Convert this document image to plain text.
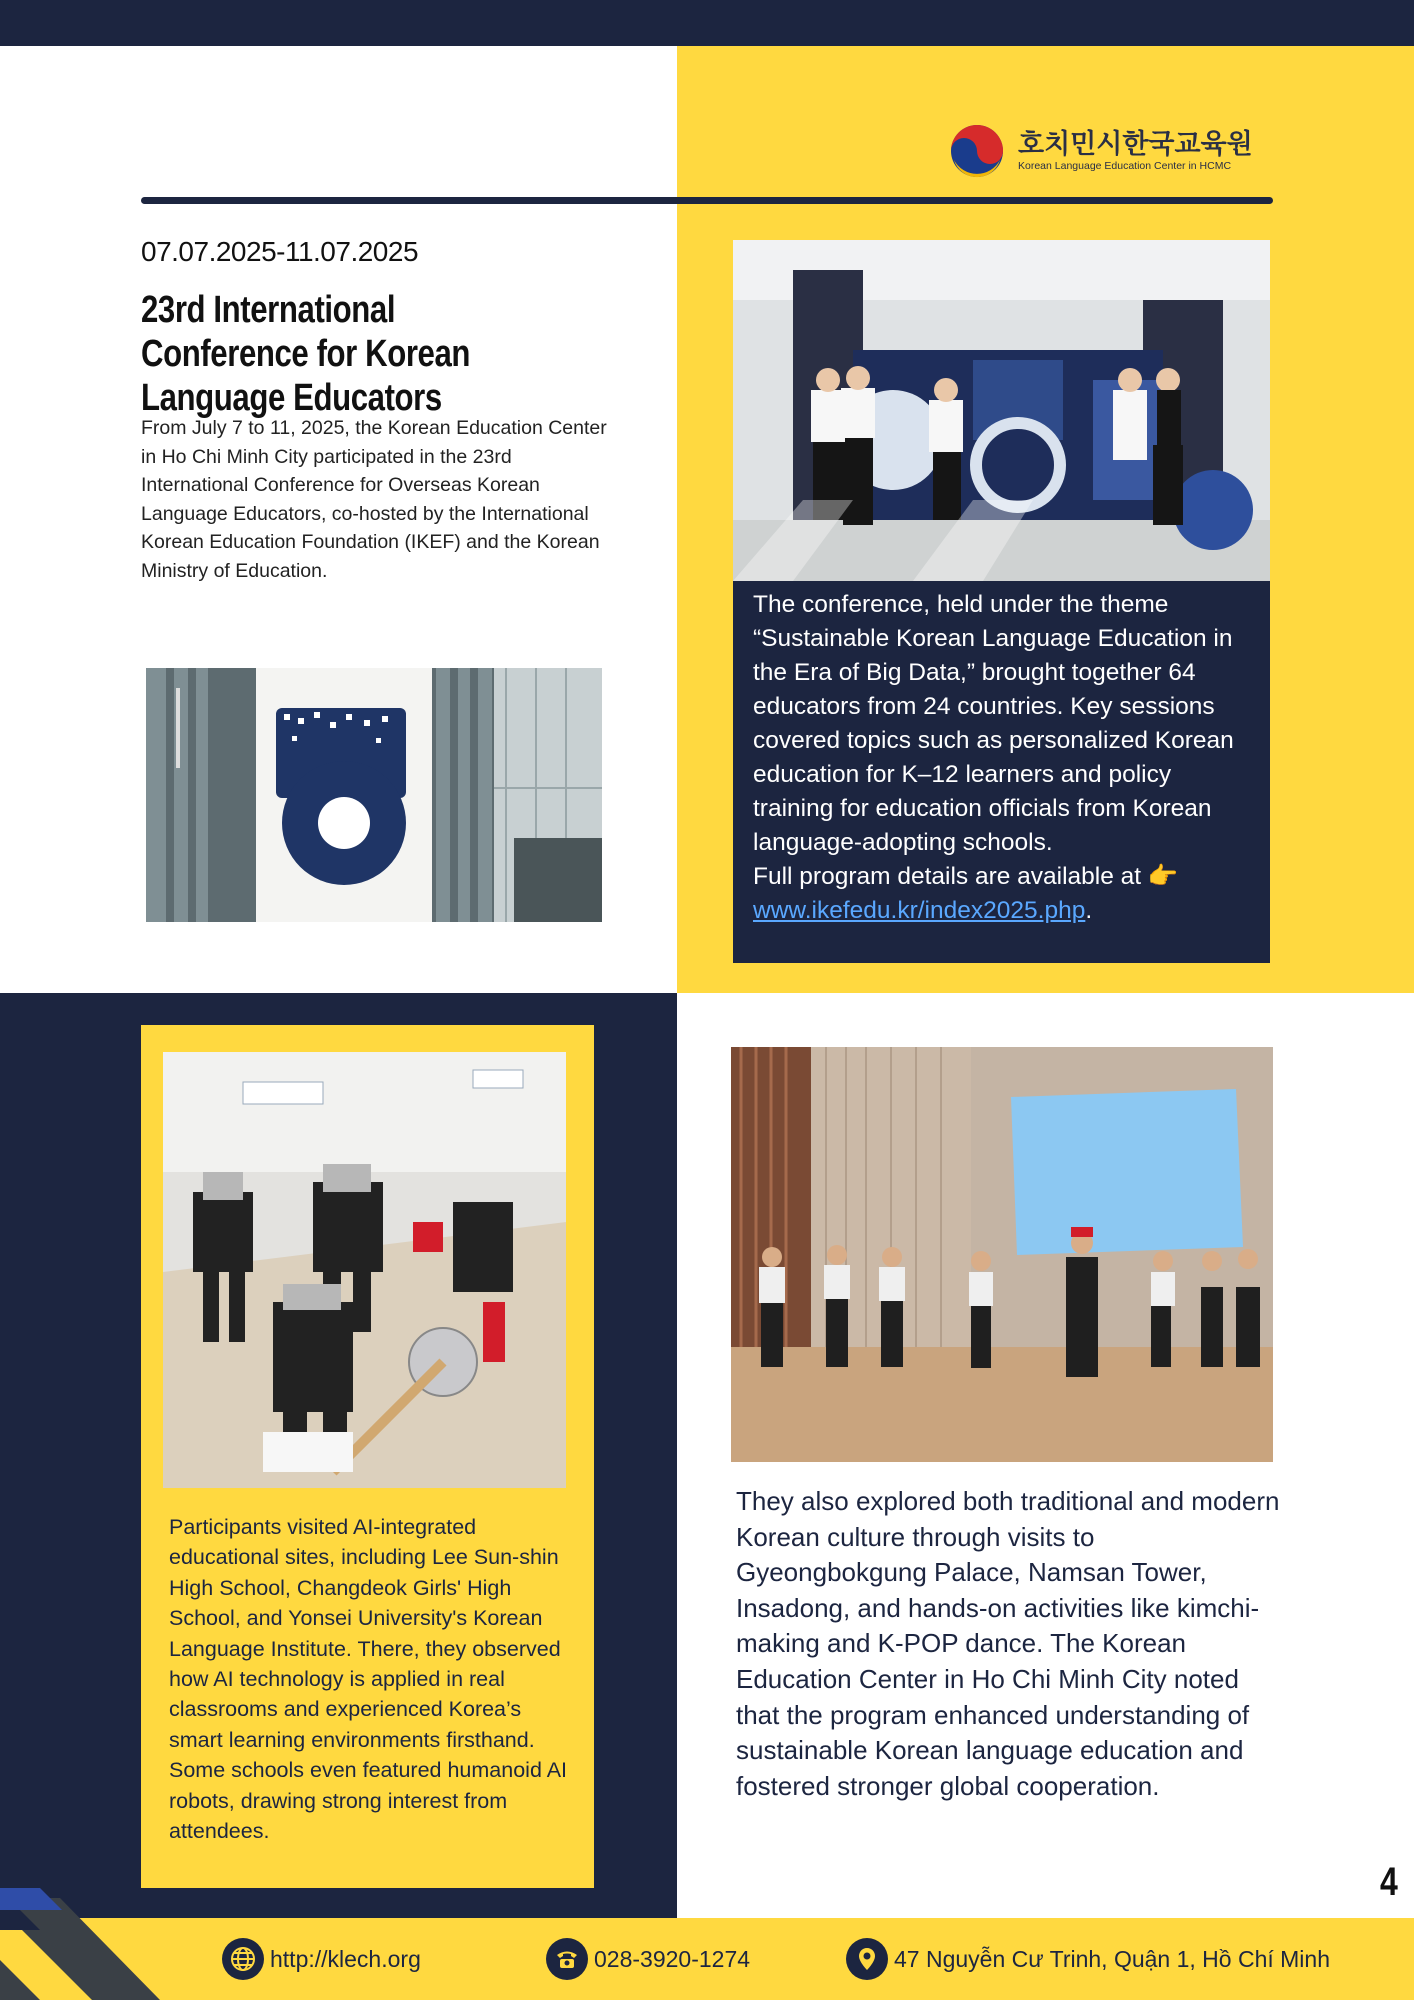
호치민시한국교육원
Korean Language Education Center in HCMC
07.07.2025-11.07.2025
23rd International Conference for Korean Language Educators
From July 7 to 11, 2025, the Korean Education Center in Ho Chi Minh City participated in the 23rd International Conference for Overseas Korean Language Educators, co-hosted by the International Korean Education Foundation (IKEF) and the Korean Ministry of Education.
The conference, held under the theme “Sustainable Korean Language Education in the Era of Big Data,” brought together 64 educators from 24 countries. Key sessions covered topics such as personalized Korean education for K–12 learners and policy training for education officials from Korean language-adopting schools.
Full program details are available at 👉
www.ikefedu.kr/index2025.php.
Participants visited AI-integrated educational sites, including Lee Sun-shin High School, Changdeok Girls' High School, and Yonsei University's Korean Language Institute. There, they observed how AI technology is applied in real classrooms and experienced Korea’s smart learning environments firsthand. Some schools even featured humanoid AI robots, drawing strong interest from attendees.
They also explored both traditional and modern Korean culture through visits to Gyeongbokgung Palace, Namsan Tower, Insadong, and hands-on activities like kimchi-making and K-POP dance. The Korean Education Center in Ho Chi Minh City noted that the program enhanced understanding of sustainable Korean language education and fostered stronger global cooperation.
4
http://klech.org	028-3920-1274	47 Nguyễn Cư Trinh, Quận 1, Hồ Chí Minh
